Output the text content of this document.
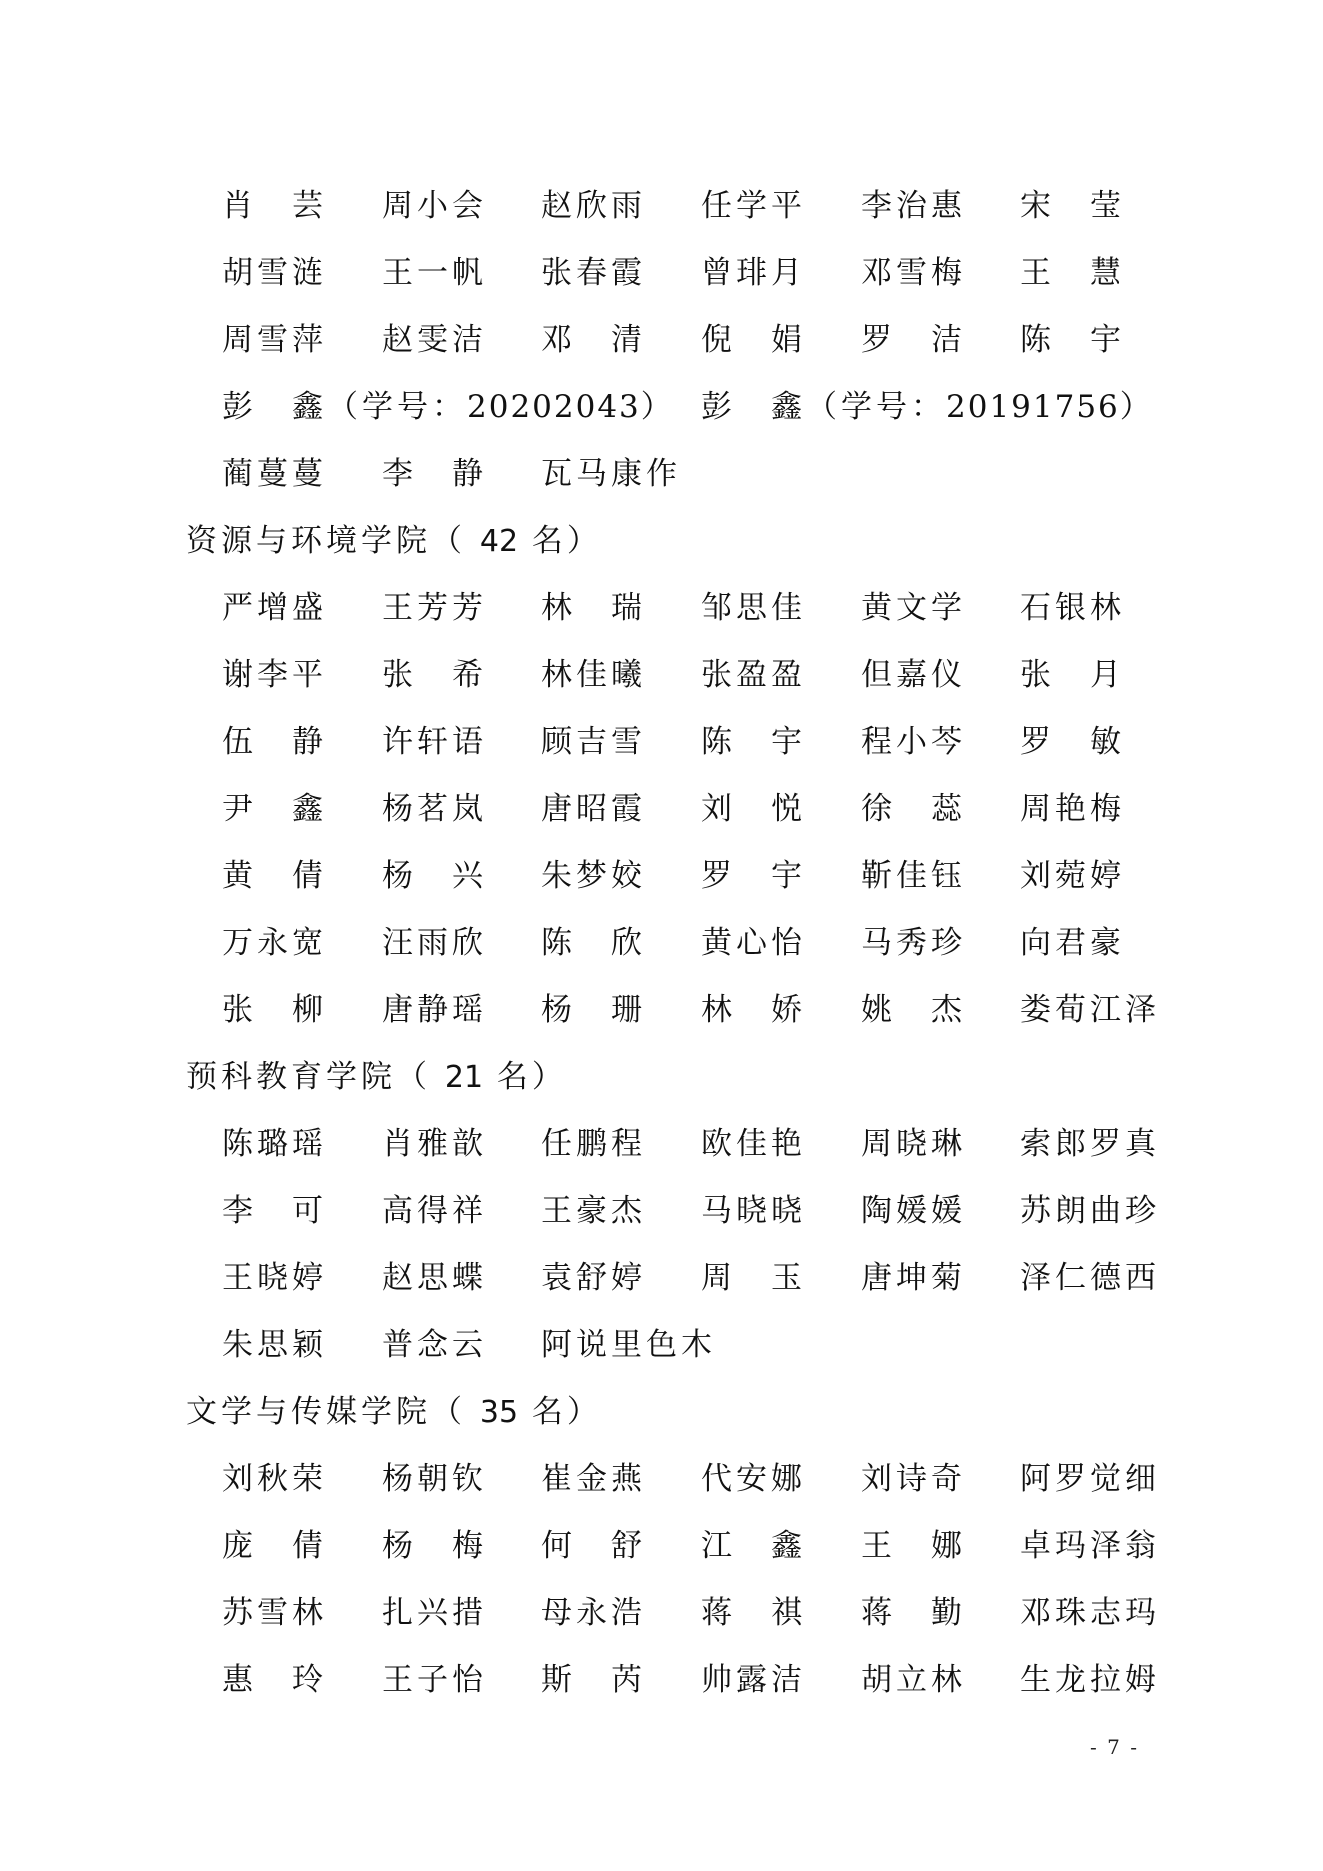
肖　芸	周小会	赵欣雨	任学平	李治惠	宋　莹
胡雪涟	王一帆	张春霞	曾琲月	邓雪梅	王　慧
周雪萍	赵雯洁	邓　清	倪　娟	罗　洁	陈　宇
彭　鑫（学号：20202043） 彭　鑫（学号：20191756）
蔺蔓蔓	李　静	瓦马康作
资源与环境学院（ 42 名）
严增盛	王芳芳	林　瑞	邹思佳	黄文学	石银林
谢李平	张　希	林佳曦	张盈盈	但嘉仪	张　月
伍　静	许轩语	顾吉雪	陈　宇	程小芩	罗　敏
尹　鑫	杨茗岚	唐昭霞	刘　悦	徐　蕊	周艳梅
黄　倩	杨　兴	朱梦姣	罗　宇	靳佳钰	刘菀婷
万永宽	汪雨欣	陈　欣	黄心怡	马秀珍	向君豪
张　柳	唐静瑶	杨　珊	林　娇	姚　杰	娄荀江泽
预科教育学院（ 21 名）
陈璐瑶	肖雅歆	任鹏程	欧佳艳	周晓琳	索郎罗真
李　可	高得祥	王豪杰	马晓晓	陶媛媛	苏朗曲珍
王晓婷	赵思蝶	袁舒婷	周　玉	唐坤菊	泽仁德西
朱思颖	普念云	阿说里色木
文学与传媒学院（ 35 名）
刘秋荣	杨朝钦	崔金燕	代安娜	刘诗奇	阿罗觉细
庞　倩	杨　梅	何　舒	江　鑫	王　娜	卓玛泽翁
苏雪林	扎兴措	母永浩	蒋　祺	蒋　勤	邓珠志玛
惠　玲	王子怡	斯　芮	帅露洁	胡立林	生龙拉姆
- 7 -
